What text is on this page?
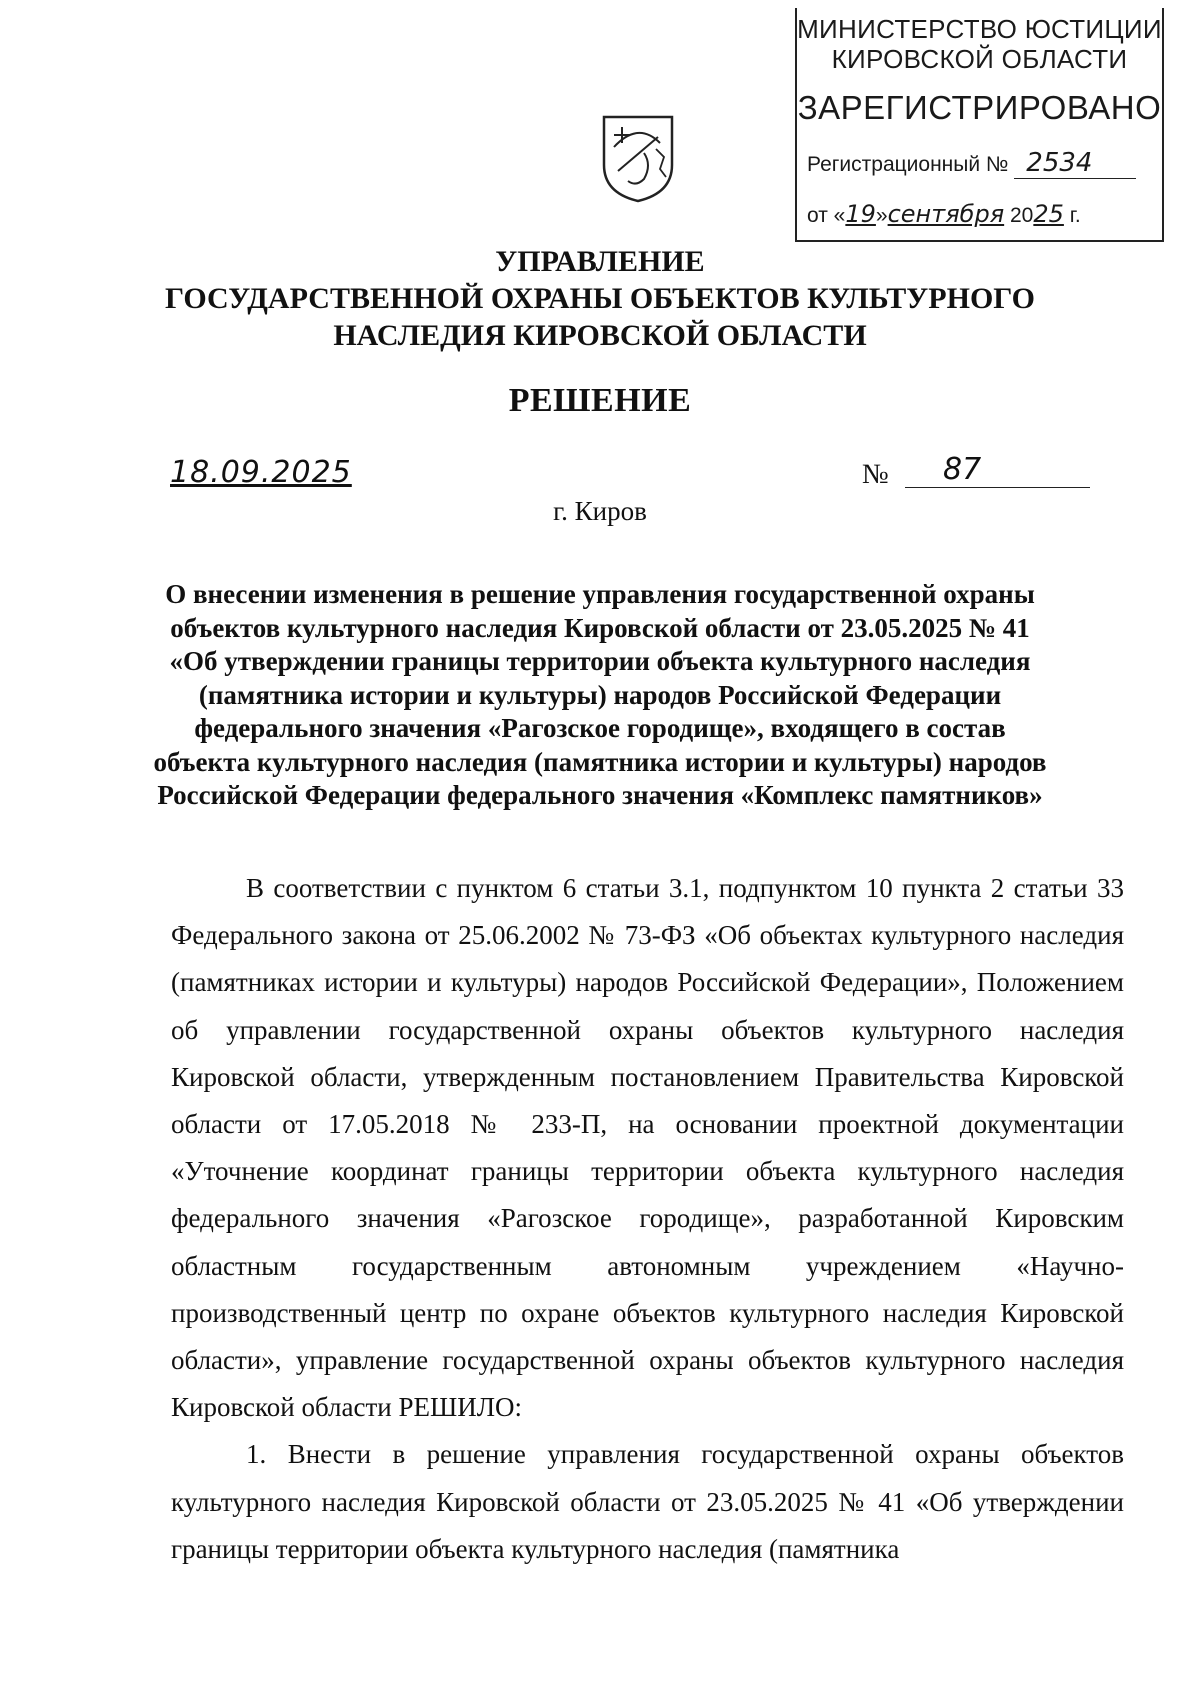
МИНИСТЕРСТВО ЮСТИЦИИ
КИРОВСКОЙ ОБЛАСТИ
ЗАРЕГИСТРИРОВАНО
Регистрационный № 2534
от «19»сентября 2025 г.
УПРАВЛЕНИЕ
ГОСУДАРСТВЕННОЙ ОХРАНЫ ОБЪЕКТОВ КУЛЬТУРНОГО
НАСЛЕДИЯ КИРОВСКОЙ ОБЛАСТИ
РЕШЕНИЕ
18.09.2025	№	87
г. Киров
О внесении изменения в решение управления государственной охраны
объектов культурного наследия Кировской области от 23.05.2025 № 41
«Об утверждении границы территории объекта культурного наследия
(памятника истории и культуры) народов Российской Федерации
федерального значения «Рагозское городище», входящего в состав
объекта культурного наследия (памятника истории и культуры) народов
Российской Федерации федерального значения «Комплекс памятников»

В соответствии с пунктом 6 статьи 3.1, подпунктом 10 пункта 2 статьи 33 Федерального закона от 25.06.2002 № 73-ФЗ «Об объектах культурного наследия (памятниках истории и культуры) народов Российской Федерации», Положением об управлении государственной охраны объектов культурного наследия Кировской области, утвержденным постановлением Правительства Кировской области от 17.05.2018 № 233-П, на основании проектной документации «Уточнение координат границы территории объекта культурного наследия федерального значения «Рагозское городище», разработанной Кировским областным государственным автономным учреждением «Научно-производственный центр по охране объектов культурного наследия Кировской области», управление государственной охраны объектов культурного наследия Кировской области РЕШИЛО:

1. Внести в решение управления государственной охраны объектов культурного наследия Кировской области от 23.05.2025 № 41 «Об утверждении границы территории объекта культурного наследия (памятника
